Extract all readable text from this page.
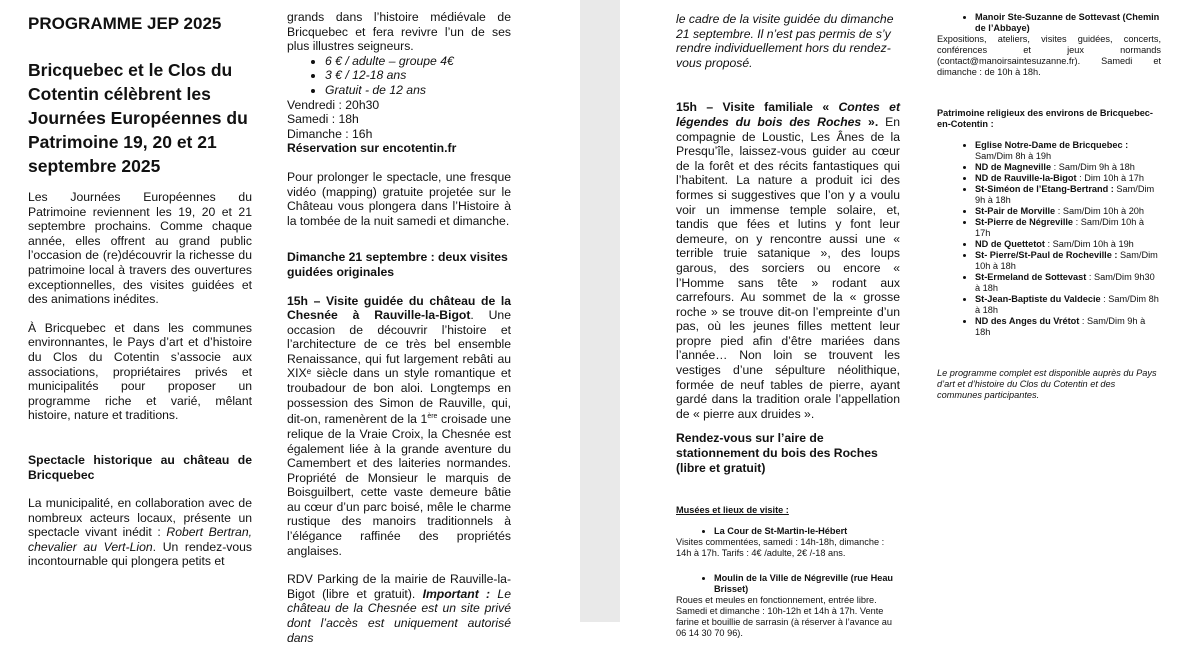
PROGRAMME JEP 2025
Bricquebec et le Clos du Cotentin célèbrent les Journées Européennes du Patrimoine 19, 20 et 21 septembre 2025

Les Journées Européennes du Patrimoine reviennent les 19, 20 et 21 septembre prochains. Comme chaque année, elles offrent au grand public l’occasion de (re)découvrir la richesse du patrimoine local à travers des ouvertures exceptionnelles, des visites guidées et des animations inédites.

À Bricquebec et dans les communes environnantes, le Pays d’art et d’histoire du Clos du Cotentin s’associe aux associations, propriétaires privés et municipalités pour proposer un programme riche et varié, mêlant histoire, nature et traditions.

Spectacle historique au château de Bricquebec

La municipalité, en collaboration avec de nombreux acteurs locaux, présente un spectacle vivant inédit : Robert Bertran, chevalier au Vert-Lion. Un rendez-vous incontournable qui plongera petits et

grands dans l’histoire médiévale de Bricquebec et fera revivre l’un de ses plus illustres seigneurs.

• 6 € / adulte – groupe 4€
• 3 € / 12-18 ans
• Gratuit - de 12 ans

Vendredi : 20h30

Samedi : 18h

Dimanche : 16h

Réservation sur encotentin.fr

Pour prolonger le spectacle, une fresque vidéo (mapping) gratuite projetée sur le Château vous plongera dans l’Histoire à la tombée de la nuit samedi et dimanche.

Dimanche 21 septembre : deux visites guidées originales

15h – Visite guidée du château de la Chesnée à Rauville-la-Bigot. Une occasion de découvrir l’histoire et l’architecture de ce très bel ensemble Renaissance, qui fut largement rebâti au XIXᵉ siècle dans un style romantique et troubadour de bon aloi. Longtemps en possession des Simon de Rauville, qui, dit-on, ramenèrent de la 1ère croisade une relique de la Vraie Croix, la Chesnée est également liée à la grande aventure du Camembert et des laiteries normandes. Propriété de Monsieur le marquis de Boisguilbert, cette vaste demeure bâtie au cœur d’un parc boisé, mêle le charme rustique des manoirs traditionnels à l’élégance raffinée des propriétés anglaises.

RDV Parking de la mairie de Rauville-la-Bigot (libre et gratuit). Important : Le château de la Chesnée est un site privé dont l’accès est uniquement autorisé dans

le cadre de la visite guidée du dimanche 21 septembre. Il n’est pas permis de s’y rendre individuellement hors du rendez-vous proposé.

15h – Visite familiale « Contes et légendes du bois des Roches ». En compagnie de Loustic, Les Ânes de la Presqu’île, laissez-vous guider au cœur de la forêt et des récits fantastiques qui l’habitent. La nature a produit ici des formes si suggestives que l’on y a voulu voir un immense temple solaire, et, tandis que fées et lutins y font leur demeure, on y rencontre aussi une « terrible truie satanique », des loups garous, des sorciers ou encore « l’Homme sans tête » rodant aux carrefours. Au sommet de la « grosse roche » se trouve dit-on l’empreinte d’un pas, où les jeunes filles mettent leur propre pied afin d’être mariées dans l’année… Non loin se trouvent les vestiges d’une sépulture néolithique, formée de neuf tables de pierre, ayant gardé dans la tradition orale l’appellation de « pierre aux druides ».

Rendez-vous sur l’aire de stationnement du bois des Roches (libre et gratuit)

Musées et lieux de visite :

• La Cour de St-Martin-le-Hébert

Visites commentées, samedi : 14h-18h, dimanche : 14h à 17h. Tarifs : 4€ /adulte, 2€ /-18 ans.

• Moulin de la Ville de Négreville (rue Heau Brisset)

Roues et meules en fonctionnement, entrée libre. Samedi et dimanche : 10h-12h et 14h à 17h. Vente farine et bouillie de sarrasin (à réserver à l’avance au 06 14 30 70 96).

• Manoir Ste-Suzanne de Sottevast (Chemin de l’Abbaye)

Expositions, ateliers, visites guidées, concerts, conférences et jeux normands (contact@manoirsaintesuzanne.fr). Samedi et dimanche : de 10h à 18h.

Patrimoine religieux des environs de Bricquebec-en-Cotentin :

• Eglise Notre-Dame de Bricquebec : Sam/Dim 8h à 19h
• ND de Magneville : Sam/Dim 9h à 18h
• ND de Rauville-la-Bigot : Dim 10h à 17h
• St-Siméon de l’Etang-Bertrand : Sam/Dim 9h à 18h
• St-Pair de Morville : Sam/Dim 10h à 20h
• St-Pierre de Négreville : Sam/Dim 10h à 17h
• ND de Quettetot : Sam/Dim 10h à 19h
• St- Pierre/St-Paul de Rocheville : Sam/Dim 10h à 18h
• St-Ermeland de Sottevast : Sam/Dim 9h30 à 18h
• St-Jean-Baptiste du Valdecie : Sam/Dim 8h à 18h
• ND des Anges du Vrétot : Sam/Dim 9h à 18h

Le programme complet est disponible auprès du Pays d’art et d’histoire du Clos du Cotentin et des communes participantes.
